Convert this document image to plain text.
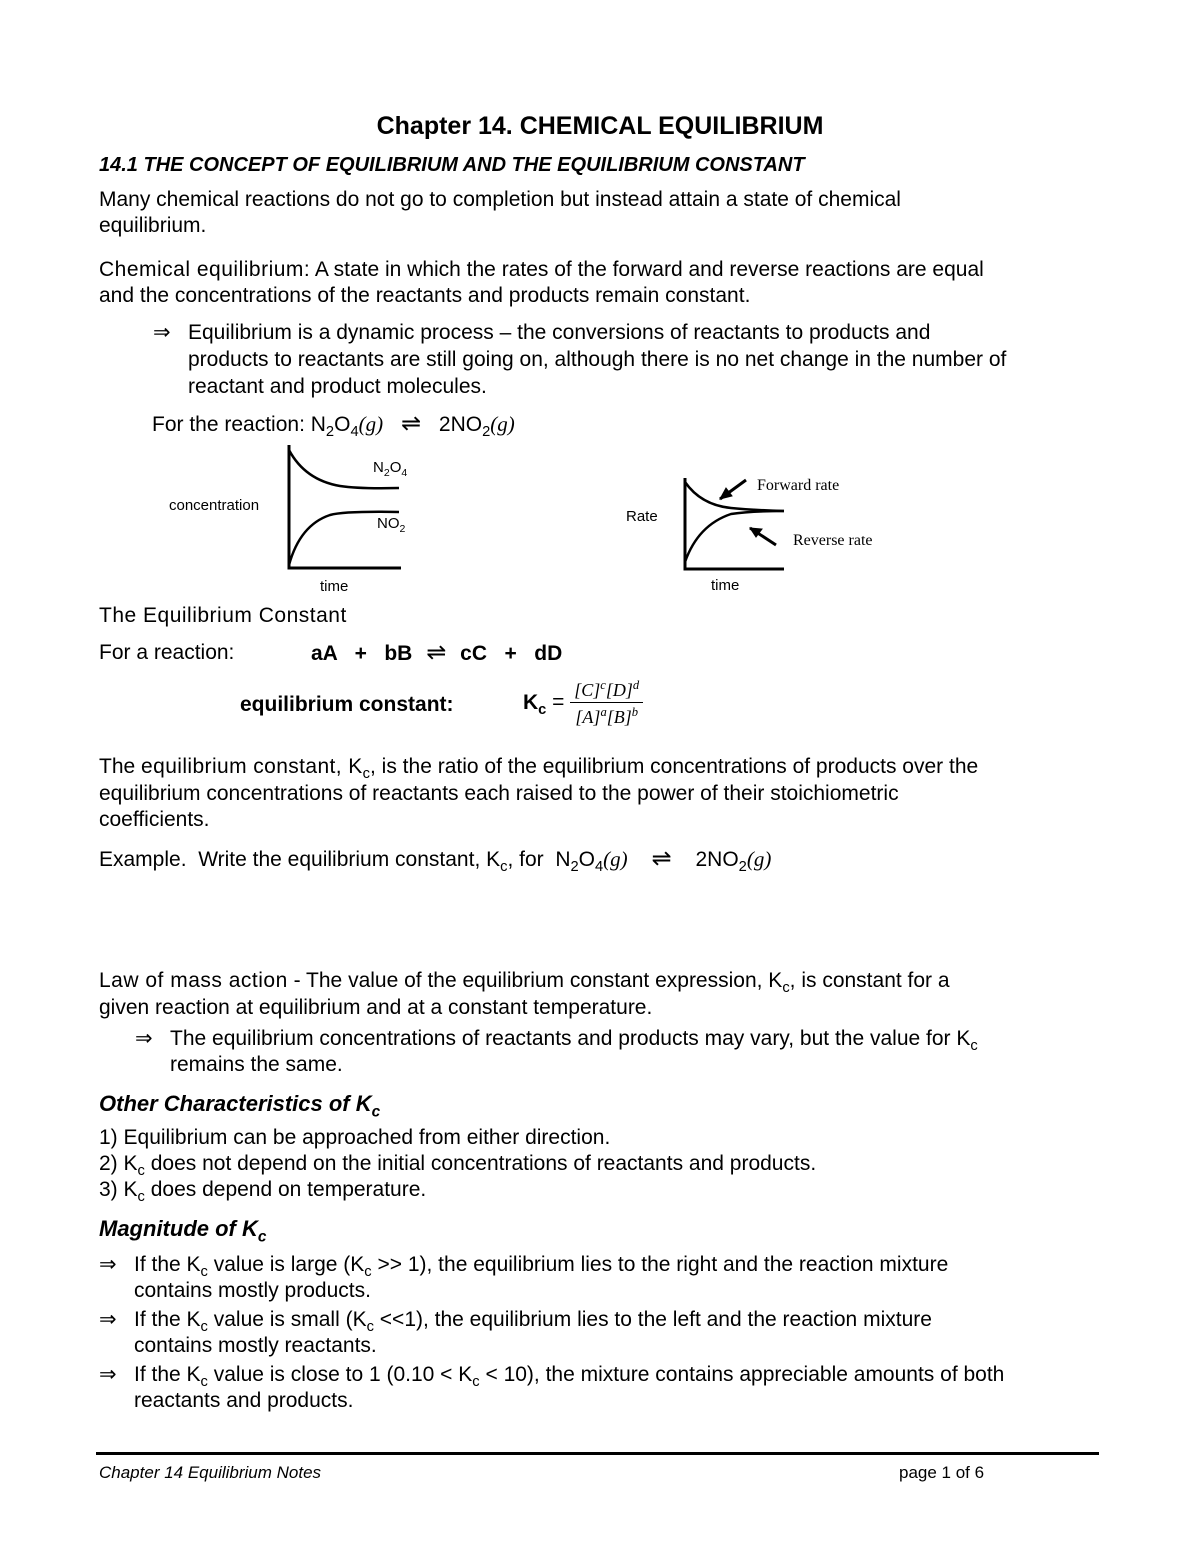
Chapter 14. CHEMICAL EQUILIBRIUM
14.1 THE CONCEPT OF EQUILIBRIUM AND THE EQUILIBRIUM CONSTANT
Many chemical reactions do not go to completion but instead attain a state of chemical
equilibrium.
Chemical equilibrium: A state in which the rates of the forward and reverse reactions are equal
and the concentrations of the reactants and products remain constant.
⇒ Equilibrium is a dynamic process – the conversions of reactants to products and
products to reactants are still going on, although there is no net change in the number of
reactant and product molecules.
For the reaction: $N_2O_4(g)$ ⇌ $2NO_2(g)$
concentration
$N_2O_4$
$NO_2$
time
Rate
Forward rate
Reverse rate
time
The Equilibrium Constant
For a reaction:	aA   +   bB ⇌ cC   +   dD
equilibrium constant:	$K_c = \frac{[C]^c[D]^d}{[A]^a[B]^b}$
The equilibrium constant, $K_c$, is the ratio of the equilibrium concentrations of products over the
equilibrium concentrations of reactants each raised to the power of their stoichiometric
coefficients.
Example.  Write the equilibrium constant, $K_c$, for  $N_2O_4(g)$ ⇌ $2NO_2(g)$
Law of mass action - The value of the equilibrium constant expression, $K_c$, is constant for a
given reaction at equilibrium and at a constant temperature.
⇒ The equilibrium concentrations of reactants and products may vary, but the value for $K_c$
remains the same.
Other Characteristics of $K_c$
1) Equilibrium can be approached from either direction.
2) $K_c$ does not depend on the initial concentrations of reactants and products.
3) $K_c$ does depend on temperature.
Magnitude of $K_c$
⇒ If the $K_c$ value is large $(K_c >> 1)$, the equilibrium lies to the right and the reaction mixture
contains mostly products.
⇒ If the $K_c$ value is small $(K_c <<1)$, the equilibrium lies to the left and the reaction mixture
contains mostly reactants.
⇒ If the $K_c$ value is close to 1 $(0.10 < K_c < 10)$, the mixture contains appreciable amounts of both
reactants and products.
Chapter 14 Equilibrium Notes	page 1 of 6
